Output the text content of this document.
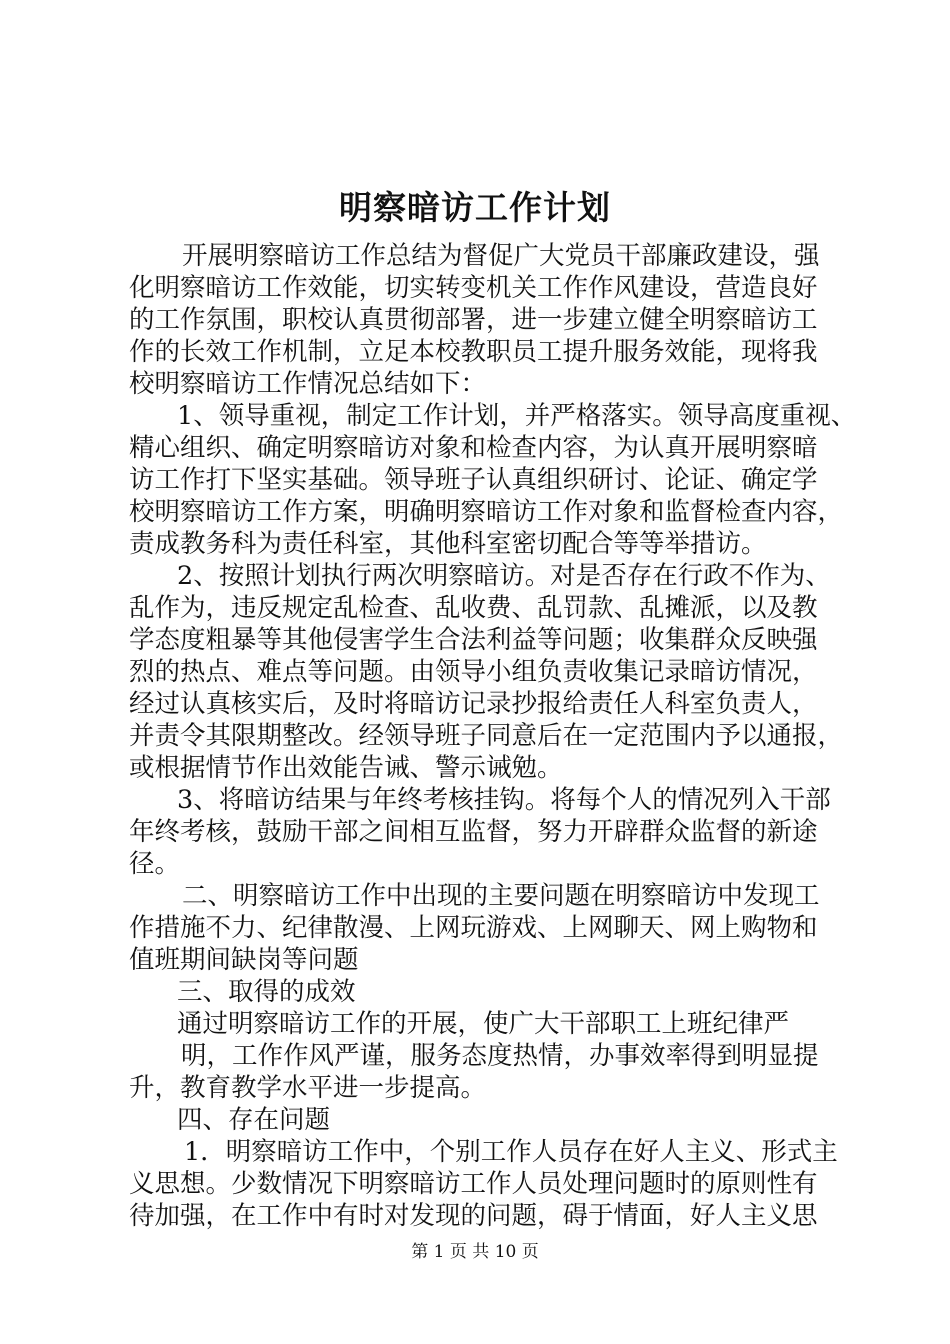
明察暗访工作计划
开展明察暗访工作总结为督促广大党员干部廉政建设，强
化明察暗访工作效能，切实转变机关工作作风建设，营造良好
的工作氛围，职校认真贯彻部署，进一步建立健全明察暗访工
作的长效工作机制，立足本校教职员工提升服务效能，现将我
校明察暗访工作情况总结如下：
1、领导重视，制定工作计划，并严格落实。领导高度重视、
精心组织、确定明察暗访对象和检查内容，为认真开展明察暗
访工作打下坚实基础。领导班子认真组织研讨、论证、确定学
校明察暗访工作方案，明确明察暗访工作对象和监督检查内容，
责成教务科为责任科室，其他科室密切配合等等举措访。
2、按照计划执行两次明察暗访。对是否存在行政不作为、
乱作为，违反规定乱检查、乱收费、乱罚款、乱摊派，以及教
学态度粗暴等其他侵害学生合法利益等问题；收集群众反映强
烈的热点、难点等问题。由领导小组负责收集记录暗访情况，
经过认真核实后，及时将暗访记录抄报给责任人科室负责人，
并责令其限期整改。经领导班子同意后在一定范围内予以通报，
或根据情节作出效能告诫、警示诫勉。
3、将暗访结果与年终考核挂钩。将每个人的情况列入干部
年终考核，鼓励干部之间相互监督，努力开辟群众监督的新途
径。
二、明察暗访工作中出现的主要问题在明察暗访中发现工
作措施不力、纪律散漫、上网玩游戏、上网聊天、网上购物和
值班期间缺岗等问题
三、取得的成效
通过明察暗访工作的开展，使广大干部职工上班纪律严
明，工作作风严谨，服务态度热情，办事效率得到明显提
升，教育教学水平进一步提高。
四、存在问题
1．明察暗访工作中，个别工作人员存在好人主义、形式主
义思想。少数情况下明察暗访工作人员处理问题时的原则性有
待加强，在工作中有时对发现的问题，碍于情面，好人主义思
第 1 页 共 10 页
